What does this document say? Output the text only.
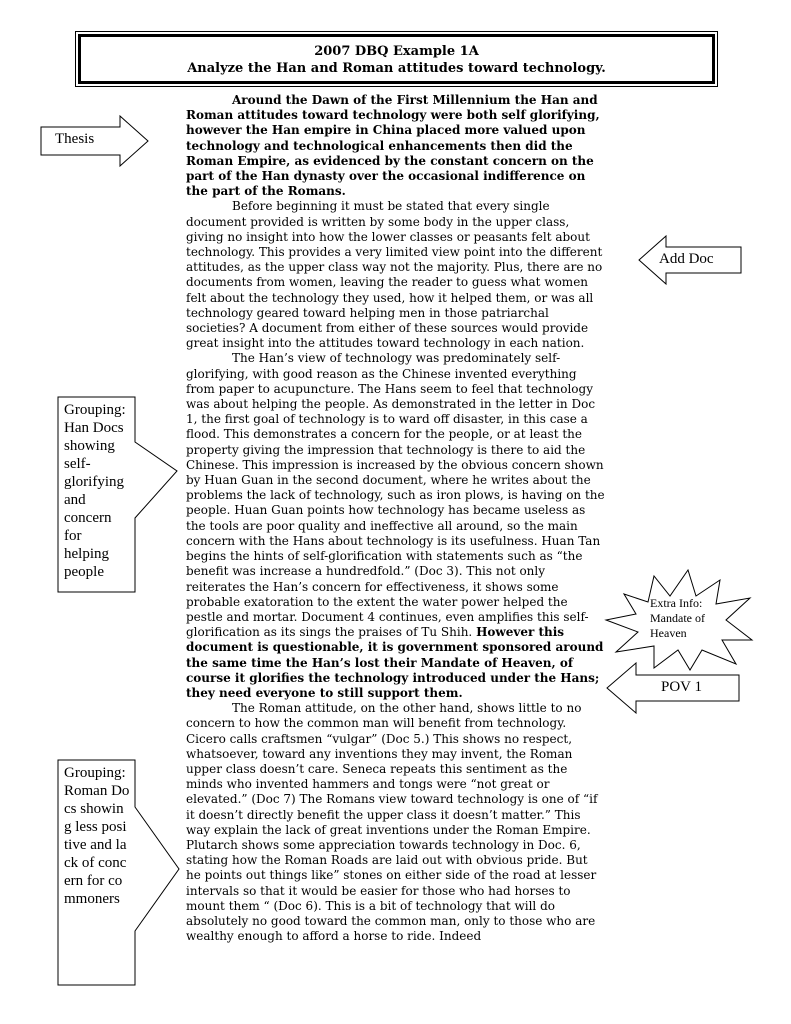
2007 DBQ Example 1A
Analyze the Han and Roman attitudes toward technology.

Around the Dawn of the First Millennium the Han and Roman attitudes toward technology were both self glorifying, however the Han empire in China placed more valued upon technology and technological enhancements then did the Roman Empire, as evidenced by the constant concern on the part of the Han dynasty over the occasional indifference on the part of the Romans.

Before beginning it must be stated that every single document provided is written by some body in the upper class, giving no insight into how the lower classes or peasants felt about technology. This provides a very limited view point into the different attitudes, as the upper class way not the majority. Plus, there are no documents from women, leaving the reader to guess what women felt about the technology they used, how it helped them, or was all technology geared toward helping men in those patriarchal societies? A document from either of these sources would provide great insight into the attitudes toward technology in each nation.

The Han’s view of technology was predominately self-glorifying, with good reason as the Chinese invented everything from paper to acupuncture. The Hans seem to feel that technology was about helping the people. As demonstrated in the letter in Doc 1, the first goal of technology is to ward off disaster, in this case a flood. This demonstrates a concern for the people, or at least the property giving the impression that technology is there to aid the Chinese. This impression is increased by the obvious concern shown by Huan Guan in the second document, where he writes about the problems the lack of technology, such as iron plows, is having on the people. Huan Guan points how technology has became useless as the tools are poor quality and ineffective all around, so the main concern with the Hans about technology is its usefulness. Huan Tan begins the hints of self-glorification with statements such as “the benefit was increase a hundredfold.” (Doc 3). This not only reiterates the Han’s concern for effectiveness, it shows some probable exatoration to the extent the water power helped the pestle and mortar. Document 4 continues, even amplifies this self-glorification as its sings the praises of Tu Shih. However this document is questionable, it is government sponsored around the same time the Han’s lost their Mandate of Heaven, of course it glorifies the technology introduced under the Hans; they need everyone to still support them.

The Roman attitude, on the other hand, shows little to no concern to how the common man will benefit from technology. Cicero calls craftsmen “vulgar” (Doc 5.) This shows no respect, whatsoever, toward any inventions they may invent, the Roman upper class doesn’t care. Seneca repeats this sentiment as the minds who invented hammers and tongs were “not great or elevated.” (Doc 7) The Romans view toward technology is one of “if it doesn’t directly benefit the upper class it doesn’t matter.” This way explain the lack of great inventions under the Roman Empire. Plutarch shows some appreciation towards technology in Doc. 6, stating how the Roman Roads are laid out with obvious pride. But he points out things like” stones on either side of the road at lesser intervals so that it would be easier for those who had horses to mount them “ (Doc 6). This is a bit of technology that will do absolutely no good toward the common man, only to those who are wealthy enough to afford a horse to ride. Indeed

Thesis
Add Doc
Grouping: Han Docs showing self-glorifying and concern for helping people
Extra Info: Mandate of Heaven
POV 1
Grouping: Roman Docs showing less positive and lack of concern for commoners
